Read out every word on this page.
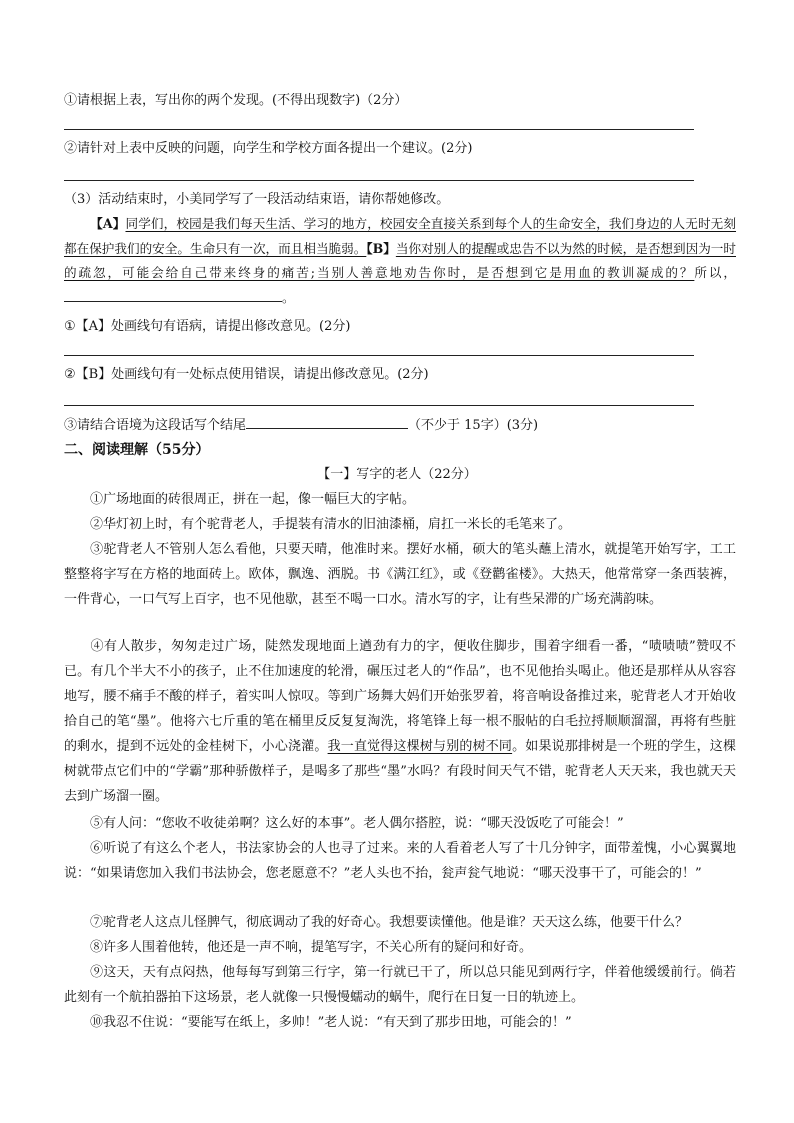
①请根据上表，写出你的两个发现。(不得出现数字)（2分）
②请针对上表中反映的问题，向学生和学校方面各提出一个建议。(2分)
（3）活动结束时，小美同学写了一段活动结束语，请你帮她修改。
【A】同学们，校园是我们每天生活、学习的地方，校园安全直接关系到每个人的生命安全，我们身边的人无时无刻都在保护我们的安全。生命只有一次，而且相当脆弱。【B】当你对别人的提醒或忠告不以为然的时候，是否想到因为一时的疏忽，可能会给自己带来终身的痛苦;当别人善意地劝告你时，是否想到它是用血的教训凝成的？所以，。
①【A】处画线句有语病，请提出修改意见。(2分)
②【B】处画线句有一处标点使用错误，请提出修改意见。(2分)
③请结合语境为这段话写个结尾	（不少于 15字）(3分)
二、阅读理解（55分）
【一】写字的老人（22分）
①广场地面的砖很周正，拼在一起，像一幅巨大的字帖。
②华灯初上时，有个驼背老人，手提装有清水的旧油漆桶，肩扛一米长的毛笔来了。
③驼背老人不管别人怎么看他，只要天晴，他准时来。摆好水桶，硕大的笔头蘸上清水，就提笔开始写字，工工整整将字写在方格的地面砖上。欧体，飘逸、洒脱。书《满江红》，或《登鹳雀楼》。大热天，他常常穿一条西装裤，一件背心，一口气写上百字，也不见他歇，甚至不喝一口水。清水写的字，让有些呆滞的广场充满韵味。
④有人散步，匆匆走过广场，陡然发现地面上遒劲有力的字，便收住脚步，围着字细看一番，“啧啧啧”赞叹不已。有几个半大不小的孩子，止不住加速度的轮滑，碾压过老人的“作品”，也不见他抬头喝止。他还是那样从从容容地写，腰不痛手不酸的样子，着实叫人惊叹。等到广场舞大妈们开始张罗着，将音响设备推过来，驼背老人才开始收拾自己的笔“墨”。他将六七斤重的笔在桶里反反复复淘洗，将笔锋上每一根不服帖的白毛拉捋顺顺溜溜，再将有些脏的剩水，提到不远处的金桂树下，小心浇灌。我一直觉得这棵树与别的树不同。如果说那排树是一个班的学生，这棵树就带点它们中的“学霸”那种骄傲样子，是喝多了那些“墨”水吗？有段时间天气不错，驼背老人天天来，我也就天天去到广场溜一圈。
⑤有人问：“您收不收徒弟啊？这么好的本事”。老人偶尔搭腔，说：“哪天没饭吃了可能会！”
⑥听说了有这么个老人，书法家协会的人也寻了过来。来的人看着老人写了十几分钟字，面带羞愧，小心翼翼地说：“如果请您加入我们书法协会，您老愿意不？”老人头也不抬，瓮声瓮气地说：“哪天没事干了，可能会的！”
⑦驼背老人这点儿怪脾气，彻底调动了我的好奇心。我想要读懂他。他是谁？天天这么练，他要干什么？
⑧许多人围着他转，他还是一声不响，提笔写字，不关心所有的疑问和好奇。
⑨这天，天有点闷热，他每每写到第三行字，第一行就已干了，所以总只能见到两行字，伴着他缓缓前行。倘若此刻有一个航拍器拍下这场景，老人就像一只慢慢蠕动的蜗牛，爬行在日复一日的轨迹上。
⑩我忍不住说：“要能写在纸上，多帅！”老人说：“有天到了那步田地，可能会的！”
